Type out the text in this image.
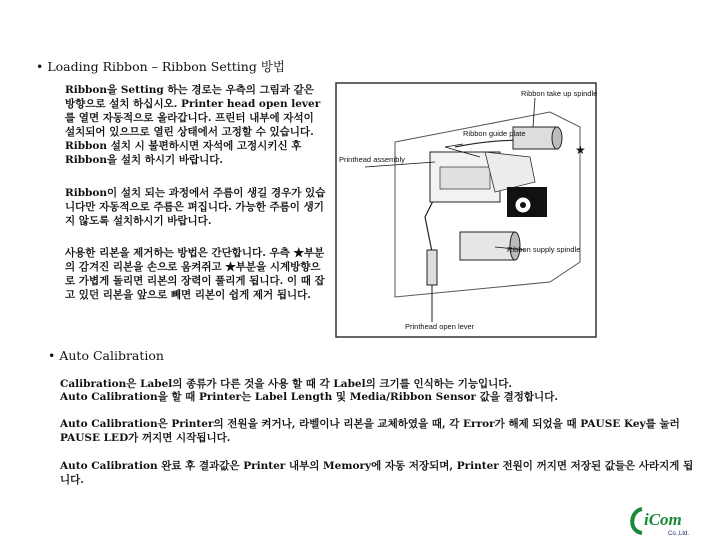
• Loading Ribbon – Ribbon Setting 방법
Ribbon을 Setting 하는 경로는 우측의 그림과 같은 방향으로 설치 하십시오. Printer head open lever를 열면 자동적으로 올라갑니다. 프린터 내부에 자석이 설치되어 있으므로 열린 상태에서 고정할 수 있습니다. Ribbon 설치 시 불편하시면 자석에 고정시키신 후 Ribbon을 설치 하시기 바랍니다.
Ribbon이 설치 되는 과정에서 주름이 생길 경우가 있습니다만 자동적으로 주름은 펴집니다. 가능한 주름이 생기지 않도록 설치하시기 바랍니다.
사용한 리본을 제거하는 방법은 간단합니다. 우측 ★부분의 감겨진 리본을 손으로 움켜쥐고 ★부분을 시계방향으로 가볍게 돌리면 리본의 장력이 풀리게 됩니다. 이 때 잡고 있던 리본을 앞으로 빼면 리본이 쉽게 제거 됩니다.
★
Ribbon take up spindle
Ribbon guide plate
Printhead assembly
Ribbon supply spindle
Printhead open lever
• Auto Calibration
Calibration은 Label의 종류가 다른 것을 사용 할 때 각 Label의 크기를 인식하는 기능입니다.
Auto Calibration을 할 때 Printer는 Label Length 및 Media/Ribbon Sensor 값을 결정합니다.
Auto Calibration은 Printer의 전원을 켜거나, 라벨이나 리본을 교체하였을 때, 각 Error가 해제 되었을 때 PAUSE Key를 눌러 PAUSE LED가 꺼지면 시작됩니다.
Auto Calibration 완료 후 결과값은 Printer 내부의 Memory에 자동 저장되며, Printer 전원이 꺼지면 저장된 값들은 사라지게 됩니다.
iCom
Co.,Ltd.
